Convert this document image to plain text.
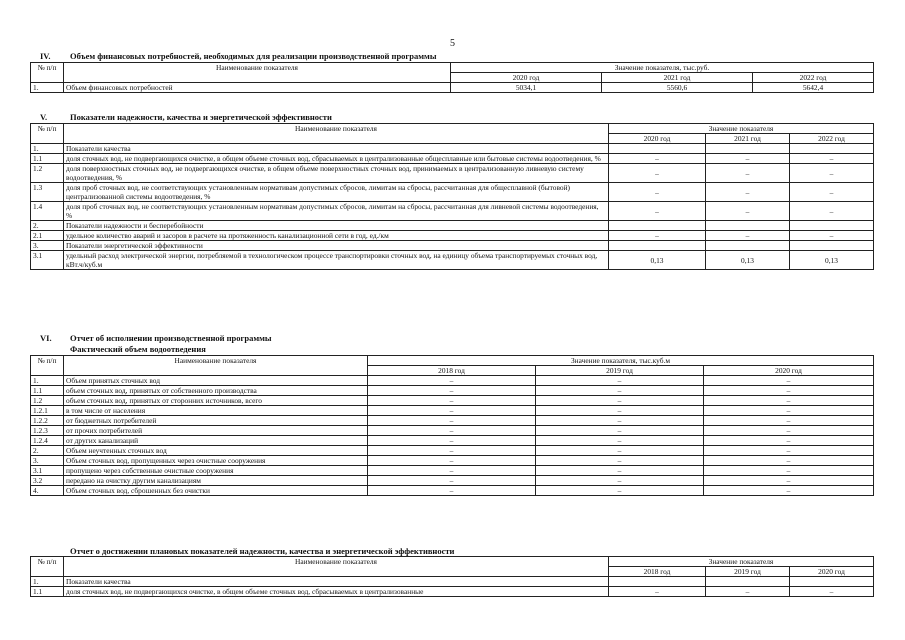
5
IV. Объем финансовых потребностей, необходимых для реализации производственной программы
№ п/п	Наименование показателя	Значение показателя, тыс.руб.		
		2020 год	2021 год	2022 год
1.	Объем финансовых потребностей	5034,1	5560,6	5642,4
V.	Показатели надежности, качества и энергетической эффективности
№ п/п	Наименование показателя	Значение показателя		
		2020 год	2021 год	2022 год
1.	Показатели качества			
1.1	доля сточных вод, не подвергающихся очистке, в общем объеме сточных вод, сбрасываемых в централизованные общесплавные или бытовые системы водоотведения, %	–	–	–
1.2	доля поверхностных сточных вод, не подвергающихся очистке, в общем объеме поверхностных сточных вод, принимаемых в централизованную ливневую систему водоотведения, %	–	–	–
1.3	доля проб сточных вод, не соответствующих установленным нормативам допустимых сбросов, лимитам на сбросы, рассчитанная для общесплавной (бытовой) централизованной системы водоотведения, %	–	–	–
1.4	доля проб сточных вод, не соответствующих установленным нормативам допустимых сбросов, лимитам на сбросы, рассчитанная для ливневой системы водоотведения, %	–	–	–
2.	Показатели надежности и бесперебойности			
2.1	удельное количество аварий и засоров в расчете на протяженность канализационной сети в год, ед./км	–	–	–
3.	Показатели энергетической эффективности			
3.1	удельный расход электрической энергии, потребляемой в технологическом процессе транспортировки сточных вод, на единицу объема транспортируемых сточных вод, кВт.ч/куб.м	0,13	0,13	0,13
VI. Отчет об исполнении производственной программы
Фактический объем водоотведения
№ п/п	Наименование показателя	Значение показателя, тыс.куб.м		
		2018 год	2019 год	2020 год
1.	Объем принятых сточных вод	–	–	–
1.1	объем сточных вод, принятых от собственного производства	–	–	–
1.2	объем сточных вод, принятых от сторонних источников, всего	–	–	–
1.2.1	в том числе от населения	–	–	–
1.2.2	от бюджетных потребителей	–	–	–
1.2.3	от прочих потребителей	–	–	–
1.2.4	от других канализаций	–	–	–
2.	Объем неучтенных сточных вод	–	–	–
3.	Объем сточных вод, пропущенных через очистные сооружения	–	–	–
3.1	пропущено через собственные очистные сооружения	–	–	–
3.2	передано на очистку другим канализациям	–	–	–
4.	Объем сточных вод, сброшенных без очистки	–	–	–
Отчет о достижении плановых показателей надежности, качества и энергетической эффективности
№ п/п	Наименование показателя	Значение показателя		
		2018 год	2019 год	2020 год
1.	Показатели качества			
1.1	доля сточных вод, не подвергающихся очистке, в общем объеме сточных вод, сбрасываемых в централизованные	–	–	–
